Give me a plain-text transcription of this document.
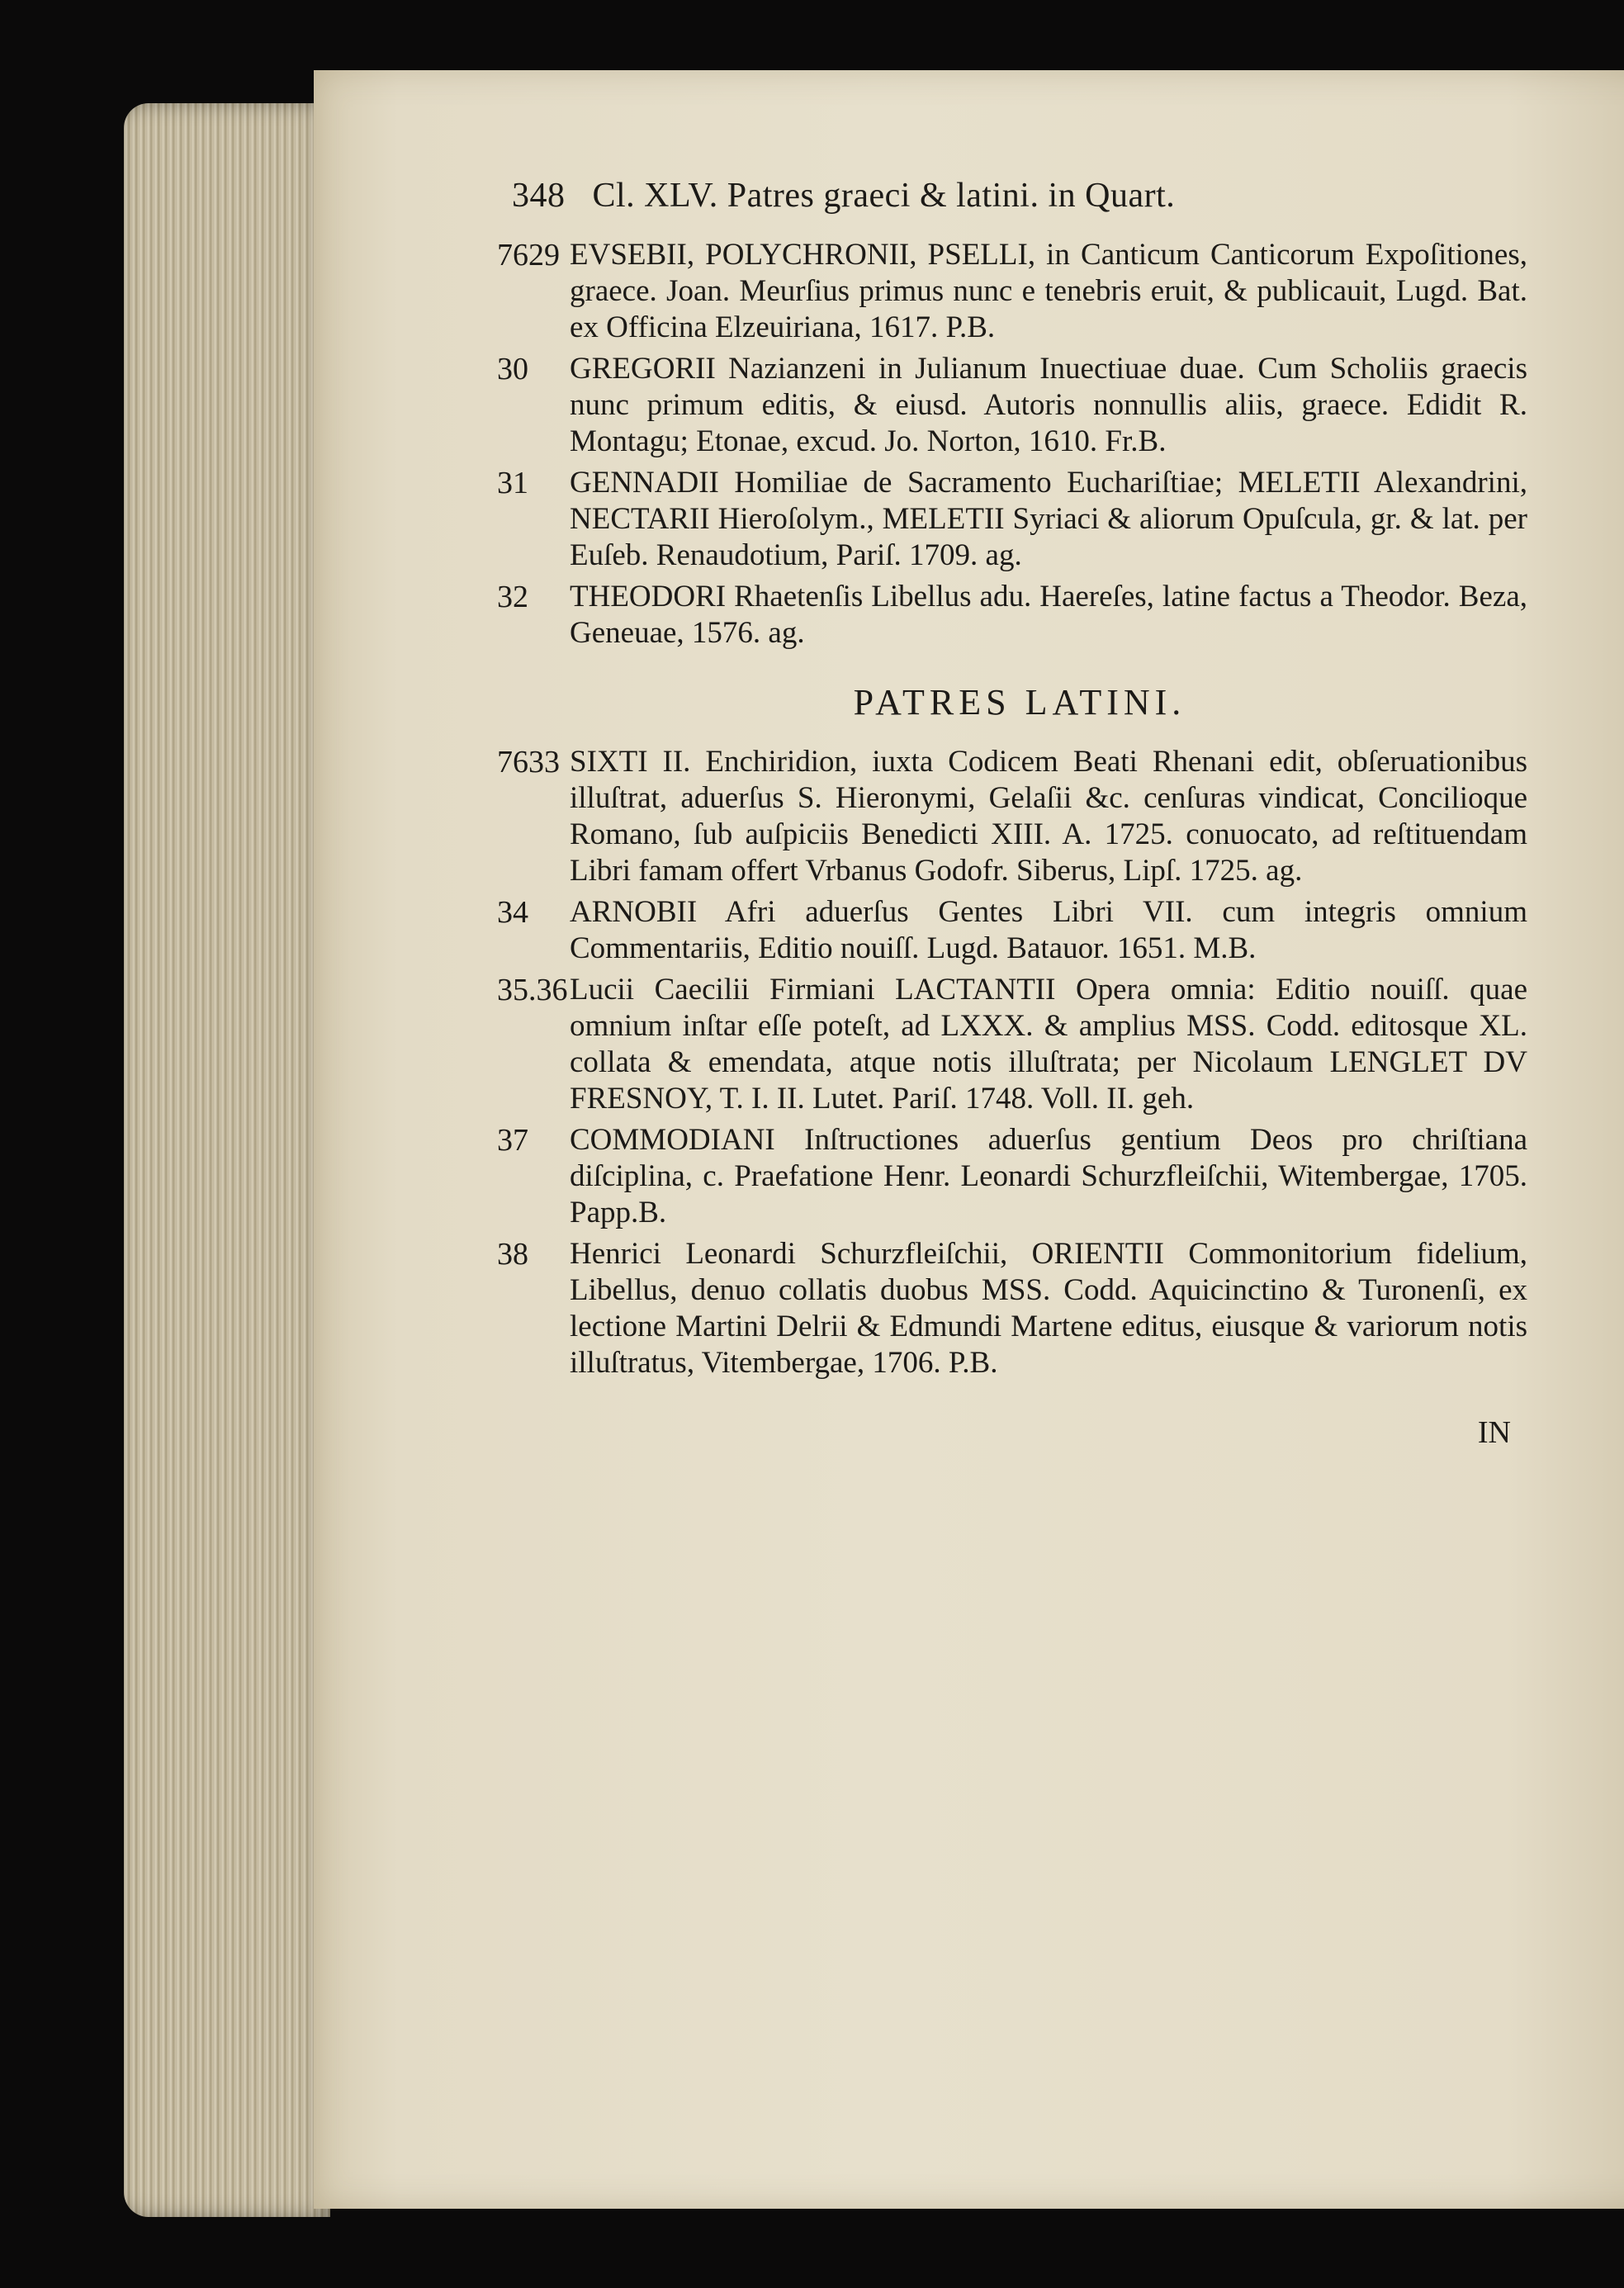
348 Cl. XLV. Patres graeci & latini. in Quart.
7629 EVSEBII, POLYCHRONII, PSELLI, in Canticum Canticorum Expoſitiones, graece. Joan. Meurſius primus nunc e tenebris eruit, & publicauit, Lugd. Bat. ex Officina Elzeuiriana, 1617. P.B.
30	GREGORII Nazianzeni in Julianum Inuectiuae duae. Cum Scholiis graecis nunc primum editis, & eiusd. Autoris nonnullis aliis, graece. Edidit R. Montagu; Etonae, excud. Jo. Norton, 1610. Fr.B.
31	GENNADII Homiliae de Sacramento Euchariſtiae; MELETII Alexandrini, NECTARII Hieroſolym., MELETII Syriaci & aliorum Opuſcula, gr. & lat. per Euſeb. Renaudotium, Pariſ. 1709. ag.
32	THEODORI Rhaetenſis Libellus adu. Haereſes, latine factus a Theodor. Beza, Geneuae, 1576. ag.
PATRES LATINI.
7633 SIXTI II. Enchiridion, iuxta Codicem Beati Rhenani edit, obſeruationibus illuſtrat, aduerſus S. Hieronymi, Gelaſii &c. cenſuras vindicat, Concilioque Romano, ſub auſpiciis Benedicti XIII. A. 1725. conuocato, ad reſtituendam Libri famam offert Vrbanus Godofr. Siberus, Lipſ. 1725. ag.
34	ARNOBII Afri aduerſus Gentes Libri VII. cum integris omnium Commentariis, Editio nouiſſ. Lugd. Batauor. 1651. M.B.
35.36 Lucii Caecilii Firmiani LACTANTII Opera omnia: Editio nouiſſ. quae omnium inſtar eſſe poteſt, ad LXXX. & amplius MSS. Codd. editosque XL. collata & emendata, atque notis illuſtrata; per Nicolaum LENGLET DV FRESNOY, T. I. II. Lutet. Pariſ. 1748. Voll. II. geh.
37	COMMODIANI Inſtructiones aduerſus gentium Deos pro chriſtiana diſciplina, c. Praefatione Henr. Leonardi Schurzfleiſchii, Witembergae, 1705. Papp.B.
38	Henrici Leonardi Schurzfleiſchii, ORIENTII Commonitorium fidelium, Libellus, denuo collatis duobus MSS. Codd. Aquicinctino & Turonenſi, ex lectione Martini Delrii & Edmundi Martene editus, eiusque & variorum notis illuſtratus, Vitembergae, 1706. P.B.
IN
